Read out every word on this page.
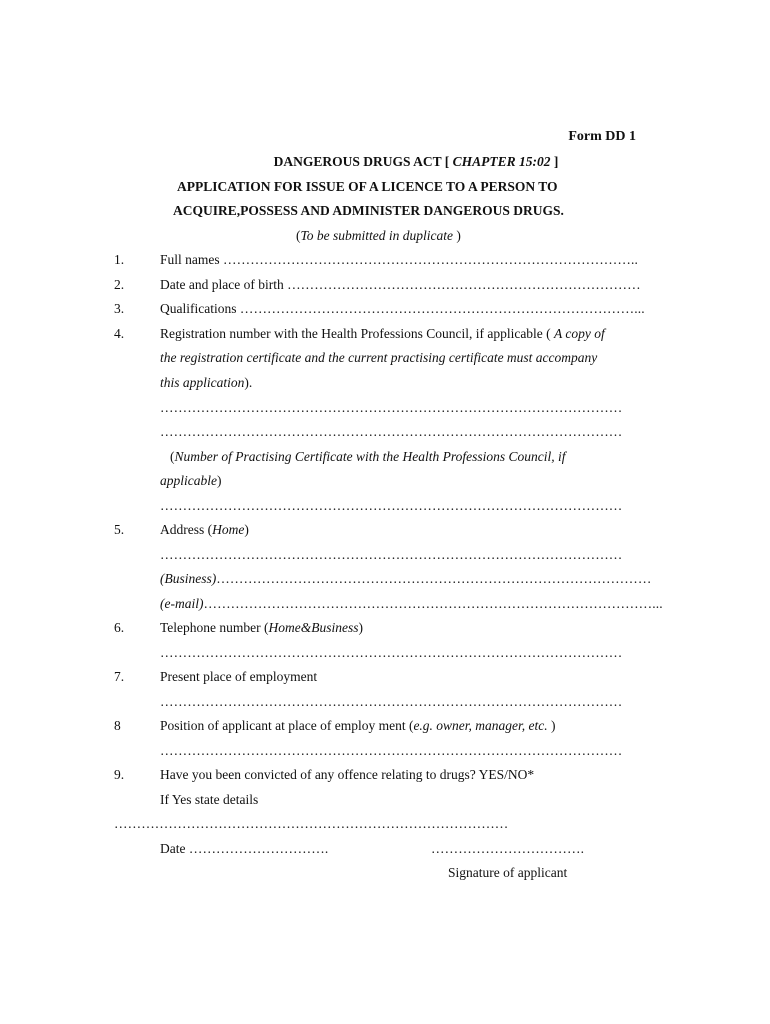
Form DD 1
DANGEROUS DRUGS ACT [ CHAPTER 15:02 ]
APPLICATION FOR ISSUE OF A LICENCE TO A PERSON TO
ACQUIRE,POSSESS AND ADMINISTER DANGEROUS DRUGS.
(To be submitted in duplicate )
1.	Full names ………………………………………………………………………………..
2.	Date and place of birth ……………………………………………………………………
3.	Qualifications ……………………………………………………………………………...
4.	Registration number with the Health Professions Council, if applicable ( A copy of
the registration certificate and the current practising certificate must accompany
this application).
…………………………………………………………………………………………
…………………………………………………………………………………………
(Number of Practising Certificate with the Health Professions Council, if
applicable)
…………………………………………………………………………………………
5.	Address (Home)
…………………………………………………………………………………………
(Business)……………………………………………………………………………………
(e-mail)………………………………………………………………………………………...
6.	Telephone number (Home&Business)
…………………………………………………………………………………………
7.	Present place of employment
…………………………………………………………………………………………
8	Position of applicant at place of employ ment (e.g. owner, manager, etc. )
…………………………………………………………………………………………
9.	Have you been convicted of any offence relating to drugs? YES/NO*
If Yes state details
……………………………………………………………………………
Date ………………………….	…………………………….
Signature of applicant
